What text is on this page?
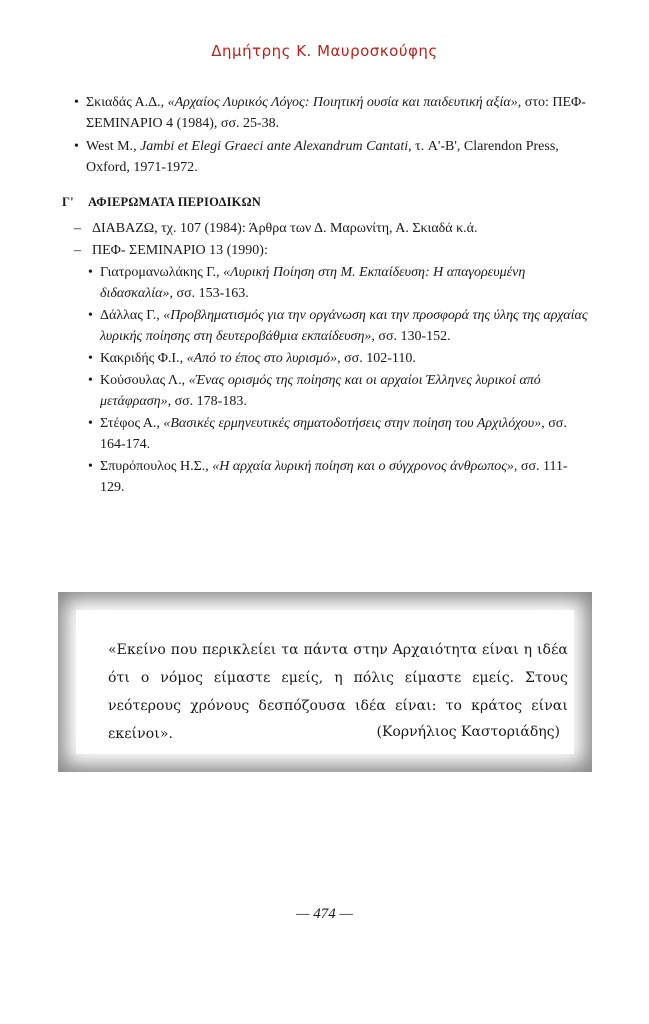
Δημήτρης Κ. Μαυροσκούφης
• Σκιαδάς Α.Δ., «Αρχαίος Λυρικός Λόγος: Ποιητική ουσία και παιδευτική αξία», στο: ΠΕΦ- ΣΕΜΙΝΑΡΙΟ 4 (1984), σσ. 25-38.
• West M., Jambi et Elegi Graeci ante Alexandrum Cantati, τ. A'-B', Clarendon Press, Oxford, 1971-1972.
Γ' ΑΦΙΕΡΩΜΑΤΑ ΠΕΡΙΟΔΙΚΩΝ
– ΔΙΑΒΑΖΩ, τχ. 107 (1984): Άρθρα των Δ. Μαρωνίτη, Α. Σκιαδά κ.ά.
– ΠΕΦ- ΣΕΜΙΝΑΡΙΟ 13 (1990):
• Γιατρομανωλάκης Γ., «Λυρική Ποίηση στη Μ. Εκπαίδευση: Η απαγορευμένη διδασκαλία», σσ. 153-163.
• Δάλλας Γ., «Προβληματισμός για την οργάνωση και την προσφορά της ύλης της αρχαίας λυρικής ποίησης στη δευτεροβάθμια εκπαίδευση», σσ. 130-152.
• Κακριδής Φ.Ι., «Από το έπος στο λυρισμό», σσ. 102-110.
• Κούσουλας Λ., «Ένας ορισμός της ποίησης και οι αρχαίοι Έλληνες λυρικοί από μετάφραση», σσ. 178-183.
• Στέφος Α., «Βασικές ερμηνευτικές σηματοδοτήσεις στην ποίηση του Αρχιλόχου», σσ. 164-174.
• Σπυρόπουλος Η.Σ., «Η αρχαία λυρική ποίηση και ο σύγχρονος άνθρωπος», σσ. 111-129.
«Εκείνο που περικλείει τα πάντα στην Αρχαιότητα είναι η ιδέα ότι ο νόμος είμαστε εμείς, η πόλις είμαστε εμείς. Στους νεότερους χρόνους δεσπόζουσα ιδέα είναι: το κράτος είναι εκείνοι».	(Κορνήλιος Καστοριάδης)
— 474 —
